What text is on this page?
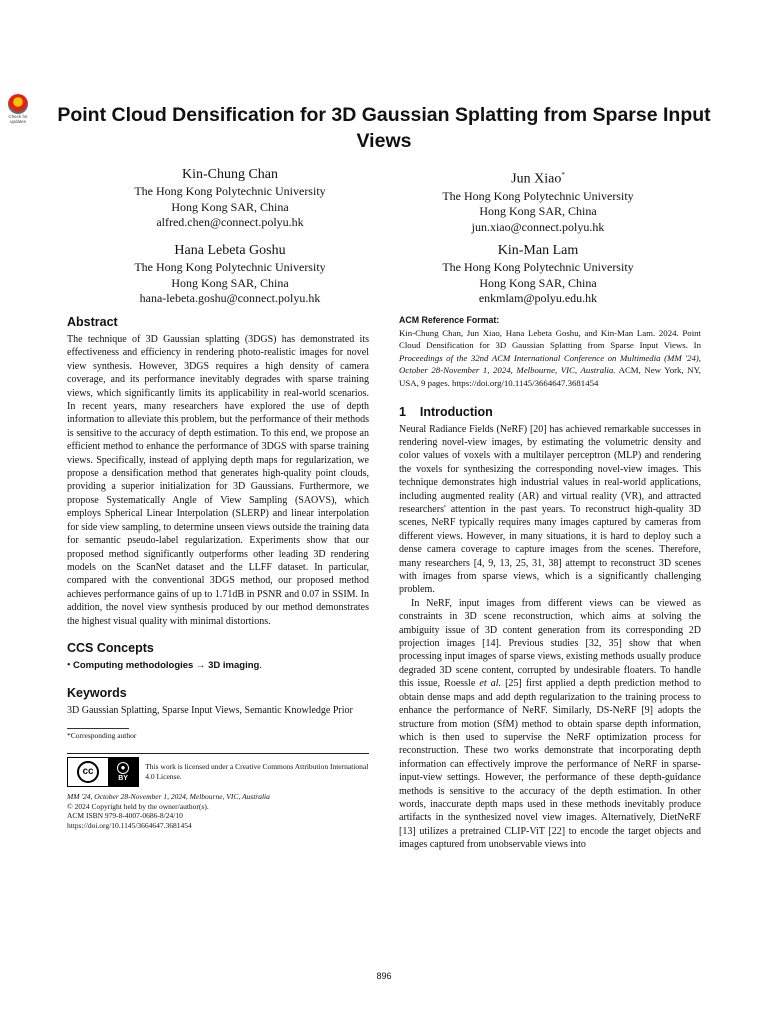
Check for
updates	Point Cloud Densification for 3D Gaussian Splatting from Sparse Input Views
Kin-Chung Chan
The Hong Kong Polytechnic University
Hong Kong SAR, China
alfred.chen@connect.polyu.hk
Jun Xiao*
The Hong Kong Polytechnic University
Hong Kong SAR, China
jun.xiao@connect.polyu.hk
Hana Lebeta Goshu
The Hong Kong Polytechnic University
Hong Kong SAR, China
hana-lebeta.goshu@connect.polyu.hk
Kin-Man Lam
The Hong Kong Polytechnic University
Hong Kong SAR, China
enkmlam@polyu.edu.hk
Abstract

The technique of 3D Gaussian splatting (3DGS) has demonstrated its effectiveness and efficiency in rendering photo-realistic images for novel view synthesis. However, 3DGS requires a high density of camera coverage, and its performance inevitably degrades with sparse training views, which significantly limits its applicability in real-world scenarios. In recent years, many researchers have explored the use of depth information to alleviate this problem, but the performance of their methods is sensitive to the accuracy of depth estimation. To this end, we propose an efficient method to enhance the performance of 3DGS with sparse training views. Specifically, instead of applying depth maps for regularization, we propose a densification method that generates high-quality point clouds, providing a superior initialization for 3D Gaussians. Furthermore, we propose Systematically Angle of View Sampling (SAOVS), which employs Spherical Linear Interpolation (SLERP) and linear interpolation for side view sampling, to determine unseen views outside the training data for semantic pseudo-label regularization. Experiments show that our proposed method significantly outperforms other leading 3D rendering models on the ScanNet dataset and the LLFF dataset. In particular, compared with the conventional 3DGS method, our proposed method achieves performance gains of up to 1.71dB in PSNR and 0.07 in SSIM. In addition, the novel view synthesis produced by our method demonstrates the highest visual quality with minimal distortions.

CCS Concepts

• Computing methodologies → 3D imaging.

Keywords

3D Gaussian Splatting, Sparse Input Views, Semantic Knowledge Prior

*Corresponding author
cc	●
BY
This work is licensed under a Creative Commons Attribution International 4.0 License.
MM '24, October 28-November 1, 2024, Melbourne, VIC, Australia
© 2024 Copyright held by the owner/author(s).
ACM ISBN 979-8-4007-0686-8/24/10
https://doi.org/10.1145/3664647.3681454
ACM Reference Format:
Kin-Chung Chan, Jun Xiao, Hana Lebeta Goshu, and Kin-Man Lam. 2024. Point Cloud Densification for 3D Gaussian Splatting from Sparse Input Views. In Proceedings of the 32nd ACM International Conference on Multimedia (MM '24), October 28-November 1, 2024, Melbourne, VIC, Australia. ACM, New York, NY, USA, 9 pages. https://doi.org/10.1145/3664647.3681454
1    Introduction

Neural Radiance Fields (NeRF) [20] has achieved remarkable successes in rendering novel-view images, by estimating the volumetric density and color values of voxels with a multilayer perceptron (MLP) and rendering the voxels for synthesizing the corresponding novel-view images. This technique demonstrates high industrial values in real-world applications, including augmented reality (AR) and virtual reality (VR), and attracted researchers' attention in the past years. To reconstruct high-quality 3D scenes, NeRF typically requires many images captured by cameras from different views. However, in many situations, it is hard to deploy such a dense camera coverage to capture images from the scenes. Therefore, many researchers [4, 9, 13, 25, 31, 38] attempt to reconstruct 3D scenes with images from sparse views, which is a significantly challenging problem.

In NeRF, input images from different views can be viewed as constraints in 3D scene reconstruction, which aims at solving the ambiguity issue of 3D content generation from its corresponding 2D projection images [14]. Previous studies [32, 35] show that when processing input images of sparse views, existing methods usually produce degraded 3D scene content, corrupted by undesirable floaters. To handle this issue, Roessle et al. [25] first applied a depth prediction method to obtain dense maps and add depth regularization to the training process to enhance the performance of NeRF. Similarly, DS-NeRF [9] adopts the structure from motion (SfM) method to obtain sparse depth information, which is then used to supervise the NeRF optimization process for reconstruction. These two works demonstrate that incorporating depth information can effectively improve the performance of NeRF in sparse-input-view settings. However, the performance of these depth-guidance methods is sensitive to the accuracy of the depth estimation. In other words, inaccurate depth maps used in these methods inevitably produce artifacts in the synthesized novel view images. Alternatively, DietNeRF [13] utilizes a pretrained CLIP-ViT [22] to encode the target objects and images captured from unobservable views into

896
